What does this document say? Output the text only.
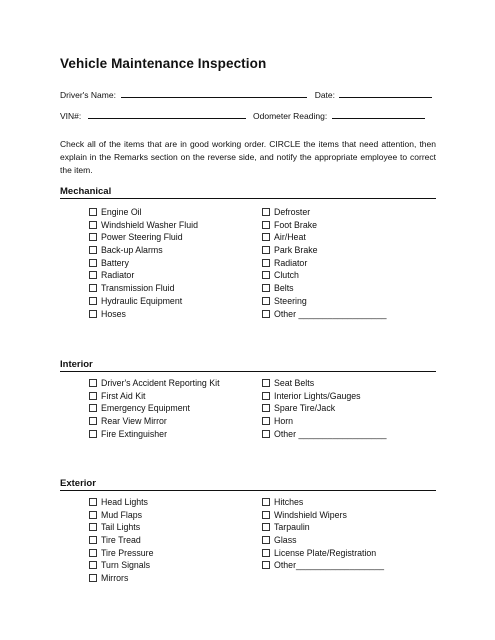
Vehicle Maintenance Inspection
Driver's Name:	Date:
VIN#:	Odometer Reading:
Check all of the items that are in good working order. CIRCLE the items that need attention, then explain in the Remarks section on the reverse side, and notify the appropriate employee to correct the item.
Mechanical
Engine Oil
Windshield Washer Fluid
Power Steering Fluid
Back-up Alarms
Battery
Radiator
Transmission Fluid
Hydraulic Equipment
Hoses
Defroster
Foot Brake
Air/Heat
Park Brake
Radiator
Clutch
Belts
Steering
Other __________________
Interior
Driver's Accident Reporting Kit
First Aid Kit
Emergency Equipment
Rear View Mirror
Fire Extinguisher
Seat Belts
Interior Lights/Gauges
Spare Tire/Jack
Horn
Other __________________
Exterior
Head Lights
Mud Flaps
Tail Lights
Tire Tread
Tire Pressure
Turn Signals
Mirrors
Hitches
Windshield Wipers
Tarpaulin
Glass
License Plate/Registration
Other__________________
